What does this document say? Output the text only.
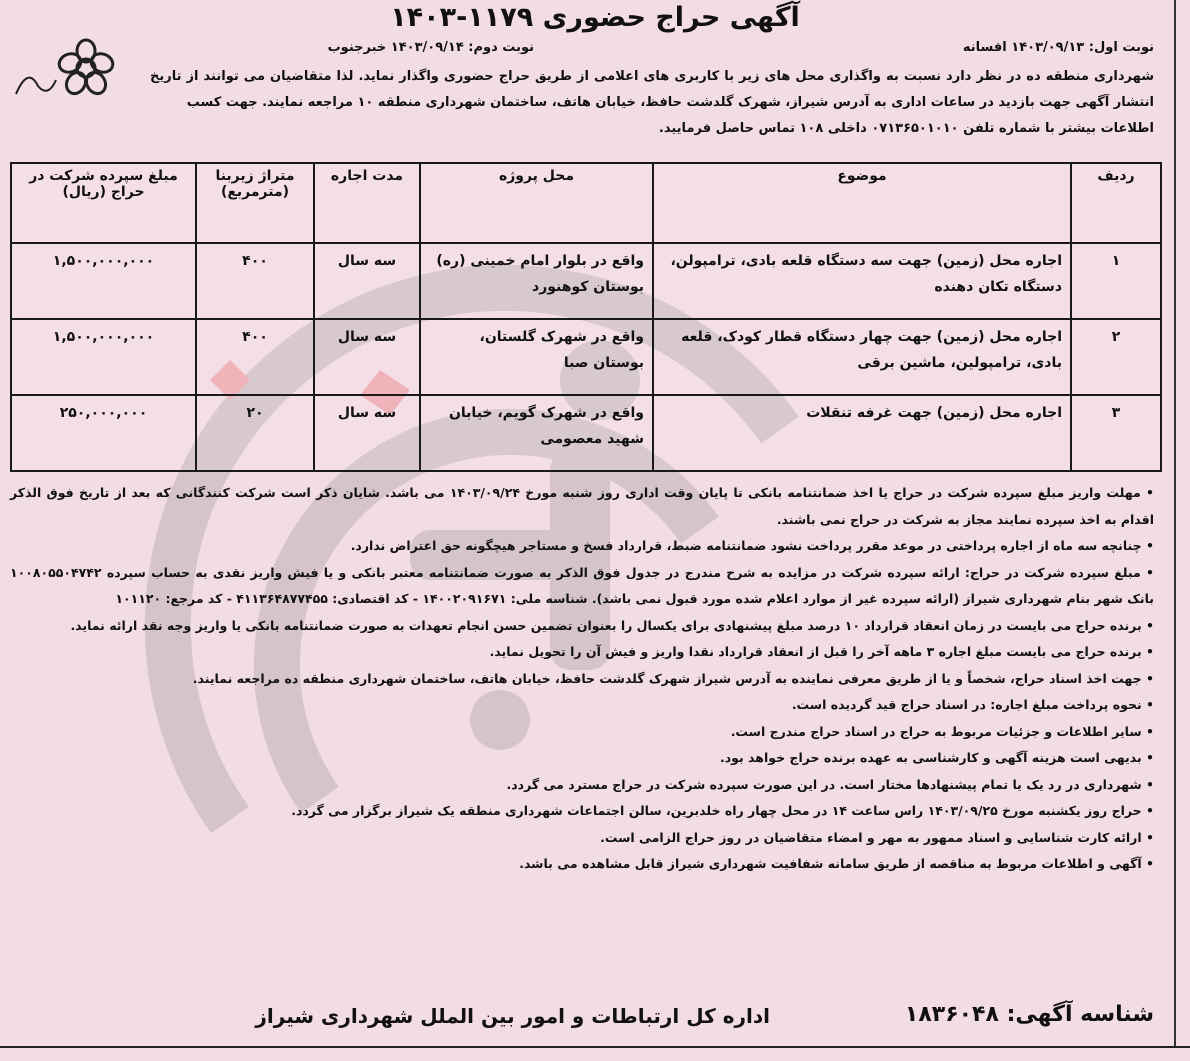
آگهی حراج حضوری ۱۱۷۹-۱۴۰۳
نوبت اول: ۱۴۰۳/۰۹/۱۳ افسانه
نوبت دوم: ۱۴۰۳/۰۹/۱۴ خبرجنوب
شهرداری منطقه ده در نظر دارد نسبت به واگذاری محل های زیر با کاربری های اعلامی از طریق حراج حضوری واگذار نماید. لذا متقاضیان می توانند از تاریخ انتشار آگهی جهت بازدید در ساعات اداری به آدرس شیراز، شهرک گلدشت حافظ، خیابان هاتف، ساختمان شهرداری منطقه ۱۰ مراجعه نمایند. جهت کسب
اطلاعات بیشتر با شماره تلفن ۰۷۱۳۶۵۰۱۰۱۰ داخلی ۱۰۸ تماس حاصل فرمایید.
ردیف	موضوع	محل پروژه	مدت اجاره	متراژ زیربنا (مترمربع)	مبلغ سپرده شرکت در حراج (ریال)
۱	اجاره محل (زمین) جهت سه دستگاه قلعه بادی، ترامپولن، دستگاه تکان دهنده	واقع در بلوار امام خمینی (ره) بوستان کوهنورد	سه سال	۴۰۰	۱,۵۰۰,۰۰۰,۰۰۰
۲	اجاره محل (زمین) جهت چهار دستگاه قطار کودک، قلعه بادی، ترامپولین، ماشین برقی	واقع در شهرک گلستان، بوستان صبا	سه سال	۴۰۰	۱,۵۰۰,۰۰۰,۰۰۰
۳	اجاره محل (زمین) جهت غرفه تنقلات	واقع در شهرک گویم، خیابان شهید معصومی	سه سال	۲۰	۲۵۰,۰۰۰,۰۰۰

• مهلت واریز مبلغ سپرده شرکت در حراج یا اخذ ضمانتنامه بانکی تا پایان وقت اداری روز شنبه مورخ ۱۴۰۳/۰۹/۲۴ می باشد. شایان ذکر است شرکت کنندگانی که بعد از تاریخ فوق الذکر اقدام به اخذ سپرده نمایند مجاز به شرکت در حراج نمی باشند.

• چنانچه سه ماه از اجاره پرداختی در موعد مقرر پرداخت نشود ضمانتنامه ضبط، قرارداد فسخ و مستاجر هیچگونه حق اعتراض ندارد.

• مبلغ سپرده شرکت در حراج: ارائه سپرده شرکت در مزایده به شرح مندرج در جدول فوق الذکر به صورت ضمانتنامه معتبر بانکی و یا فیش واریز نقدی به حساب سپرده ۱۰۰۸۰۵۵۰۴۷۴۲ بانک شهر بنام شهرداری شیراز (ارائه سپرده غیر از موارد اعلام شده مورد قبول نمی باشد). شناسه ملی: ۱۴۰۰۲۰۹۱۶۷۱ - کد اقتصادی: ۴۱۱۳۶۴۸۷۷۴۵۵ - کد مرجع: ۱۰۱۱۲۰

• برنده حراج می بایست در زمان انعقاد قرارداد ۱۰ درصد مبلغ پیشنهادی برای یکسال را بعنوان تضمین حسن انجام تعهدات به صورت ضمانتنامه بانکی یا واریز وجه نقد ارائه نماید.

• برنده حراج می بایست مبلغ اجاره ۳ ماهه آخر را قبل از انعقاد قرارداد نقدا واریز و فیش آن را تحویل نماید.

• جهت اخذ اسناد حراج، شخصاً و یا از طریق معرفی نماینده به آدرس شیراز شهرک گلدشت حافظ، خیابان هاتف، ساختمان شهرداری منطقه ده مراجعه نمایند.

• نحوه پرداخت مبلغ اجاره: در اسناد حراج قید گردیده است.

• سایر اطلاعات و جزئیات مربوط به حراج در اسناد حراج مندرج است.

• بدیهی است هزینه آگهی و کارشناسی به عهده برنده حراج خواهد بود.

• شهرداری در رد یک یا تمام پیشنهادها مختار است. در این صورت سپرده شرکت در حراج مسترد می گردد.

• حراج روز یکشنبه مورخ ۱۴۰۳/۰۹/۲۵ راس ساعت ۱۴ در محل چهار راه خلدبرین، سالن اجتماعات شهرداری منطقه یک شیراز برگزار می گردد.

• ارائه کارت شناسایی و اسناد ممهور به مهر و امضاء متقاضیان در روز حراج الزامی است.

• آگهی و اطلاعات مربوط به مناقصه از طریق سامانه شفافیت شهرداری شیراز قابل مشاهده می باشد.

شناسه آگهی: ۱۸۳۶۰۴۸
اداره کل ارتباطات و امور بین الملل شهرداری شیراز
